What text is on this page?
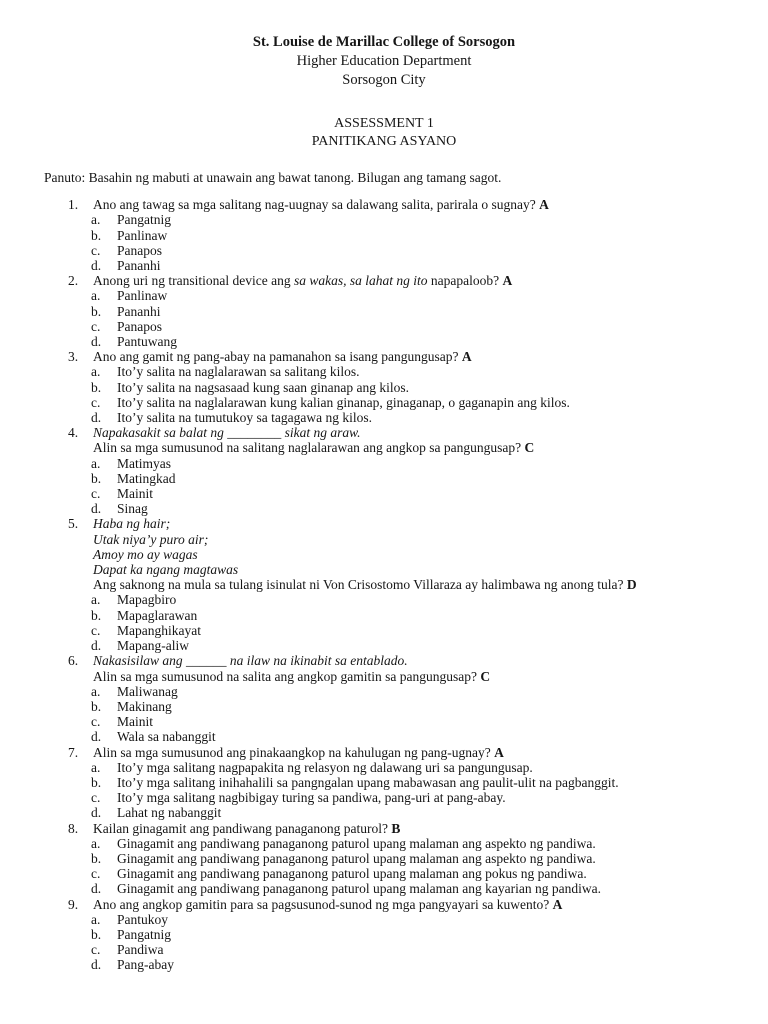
St. Louise de Marillac College of Sorsogon
Higher Education Department
Sorsogon City
ASSESSMENT 1
PANITIKANG ASYANO
Panuto: Basahin ng mabuti at unawain ang bawat tanong. Bilugan ang tamang sagot.
1. Ano ang tawag sa mga salitang nag-uugnay sa dalawang salita, parirala o sugnay? A
a. Pangatnig
b. Panlinaw
c. Panapos
d. Pananhi
2. Anong uri ng transitional device ang sa wakas, sa lahat ng ito napapaloob? A
a. Panlinaw
b. Pananhi
c. Panapos
d. Pantuwang
3. Ano ang gamit ng pang-abay na pamanahon sa isang pangungusap? A
a. Ito’y salita na naglalarawan sa salitang kilos.
b. Ito’y salita na nagsasaad kung saan ginanap ang kilos.
c. Ito’y salita na naglalarawan kung kalian ginanap, ginaganap, o gaganapin ang kilos.
d. Ito’y salita na tumutukoy sa tagagawa ng kilos.
4. Napakasakit sa balat ng ________ sikat ng araw.
Alin sa mga sumusunod na salitang naglalarawan ang angkop sa pangungusap? C
a. Matimyas
b. Matingkad
c. Mainit
d. Sinag
5. Haba ng hair;
Utak niya’y puro air;
Amoy mo ay wagas
Dapat ka ngang magtawas
Ang saknong na mula sa tulang isinulat ni Von Crisostomo Villaraza ay halimbawa ng anong tula? D
a. Mapagbiro
b. Mapaglarawan
c. Mapanghikayat
d. Mapang-aliw
6. Nakasisilaw ang ______ na ilaw na ikinabit sa entablado.
Alin sa mga sumusunod na salita ang angkop gamitin sa pangungusap? C
a. Maliwanag
b. Makinang
c. Mainit
d. Wala sa nabanggit
7. Alin sa mga sumusunod ang pinakaangkop na kahulugan ng pang-ugnay? A
a. Ito’y mga salitang nagpapakita ng relasyon ng dalawang uri sa pangungusap.
b. Ito’y mga salitang inihahalili sa pangngalan upang mabawasan ang paulit-ulit na pagbanggit.
c. Ito’y mga salitang nagbibigay turing sa pandiwa, pang-uri at pang-abay.
d. Lahat ng nabanggit
8. Kailan ginagamit ang pandiwang panaganong paturol? B
a. Ginagamit ang pandiwang panaganong paturol upang malaman ang aspekto ng pandiwa.
b. Ginagamit ang pandiwang panaganong paturol upang malaman ang aspekto ng pandiwa.
c. Ginagamit ang pandiwang panaganong paturol upang malaman ang pokus ng pandiwa.
d. Ginagamit ang pandiwang panaganong paturol upang malaman ang kayarian ng pandiwa.
9. Ano ang angkop gamitin para sa pagsusunod-sunod ng mga pangyayari sa kuwento? A
a. Pantukoy
b. Pangatnig
c. Pandiwa
d. Pang-abay
